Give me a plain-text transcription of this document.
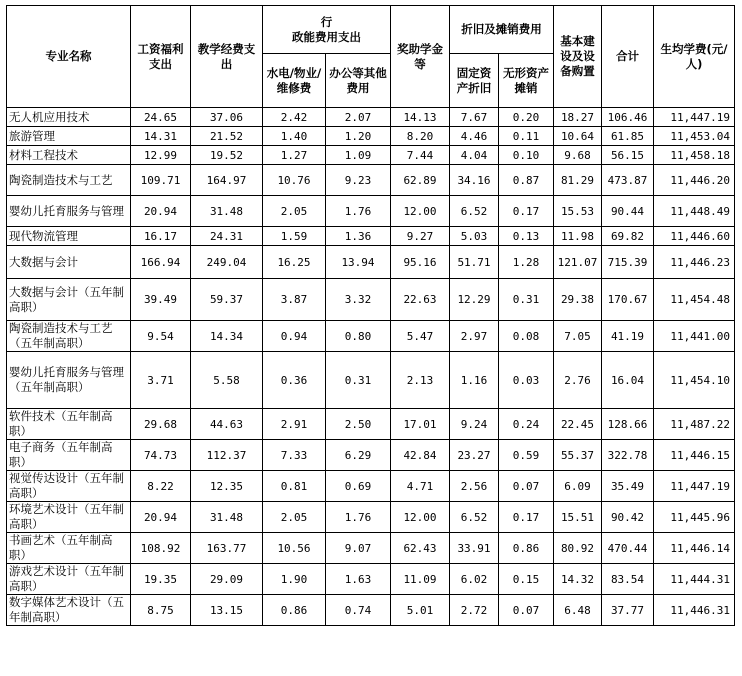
专业名称	工资福利支出	教学经费支出	行
政能费用支出		奖助学金等	折旧及摊销费用		基本建设及设备购置	合计	生均学费(元/人)
			水电/物业/维修费	办公等其他费用		固定资产折旧	无形资产摊销			
无人机应用技术	24.65	37.06	2.42	2.07	14.13	7.67	0.20	18.27	106.46	11,447.19
旅游管理	14.31	21.52	1.40	1.20	8.20	4.46	0.11	10.64	61.85	11,453.04
材料工程技术	12.99	19.52	1.27	1.09	7.44	4.04	0.10	9.68	56.15	11,458.18
陶瓷制造技术与工艺	109.71	164.97	10.76	9.23	62.89	34.16	0.87	81.29	473.87	11,446.20
婴幼儿托育服务与管理	20.94	31.48	2.05	1.76	12.00	6.52	0.17	15.53	90.44	11,448.49
现代物流管理	16.17	24.31	1.59	1.36	9.27	5.03	0.13	11.98	69.82	11,446.60
大数据与会计	166.94	249.04	16.25	13.94	95.16	51.71	1.28	121.07	715.39	11,446.23
大数据与会计（五年制高职）	39.49	59.37	3.87	3.32	22.63	12.29	0.31	29.38	170.67	11,454.48
陶瓷制造技术与工艺（五年制高职）	9.54	14.34	0.94	0.80	5.47	2.97	0.08	7.05	41.19	11,441.00
婴幼儿托育服务与管理（五年制高职）	3.71	5.58	0.36	0.31	2.13	1.16	0.03	2.76	16.04	11,454.10
软件技术（五年制高职）	29.68	44.63	2.91	2.50	17.01	9.24	0.24	22.45	128.66	11,487.22
电子商务（五年制高职）	74.73	112.37	7.33	6.29	42.84	23.27	0.59	55.37	322.78	11,446.15
视觉传达设计（五年制高职）	8.22	12.35	0.81	0.69	4.71	2.56	0.07	6.09	35.49	11,447.19
环境艺术设计（五年制高职）	20.94	31.48	2.05	1.76	12.00	6.52	0.17	15.51	90.42	11,445.96
书画艺术（五年制高职）	108.92	163.77	10.56	9.07	62.43	33.91	0.86	80.92	470.44	11,446.14
游戏艺术设计（五年制高职）	19.35	29.09	1.90	1.63	11.09	6.02	0.15	14.32	83.54	11,444.31
数字媒体艺术设计（五年制高职）	8.75	13.15	0.86	0.74	5.01	2.72	0.07	6.48	37.77	11,446.31
